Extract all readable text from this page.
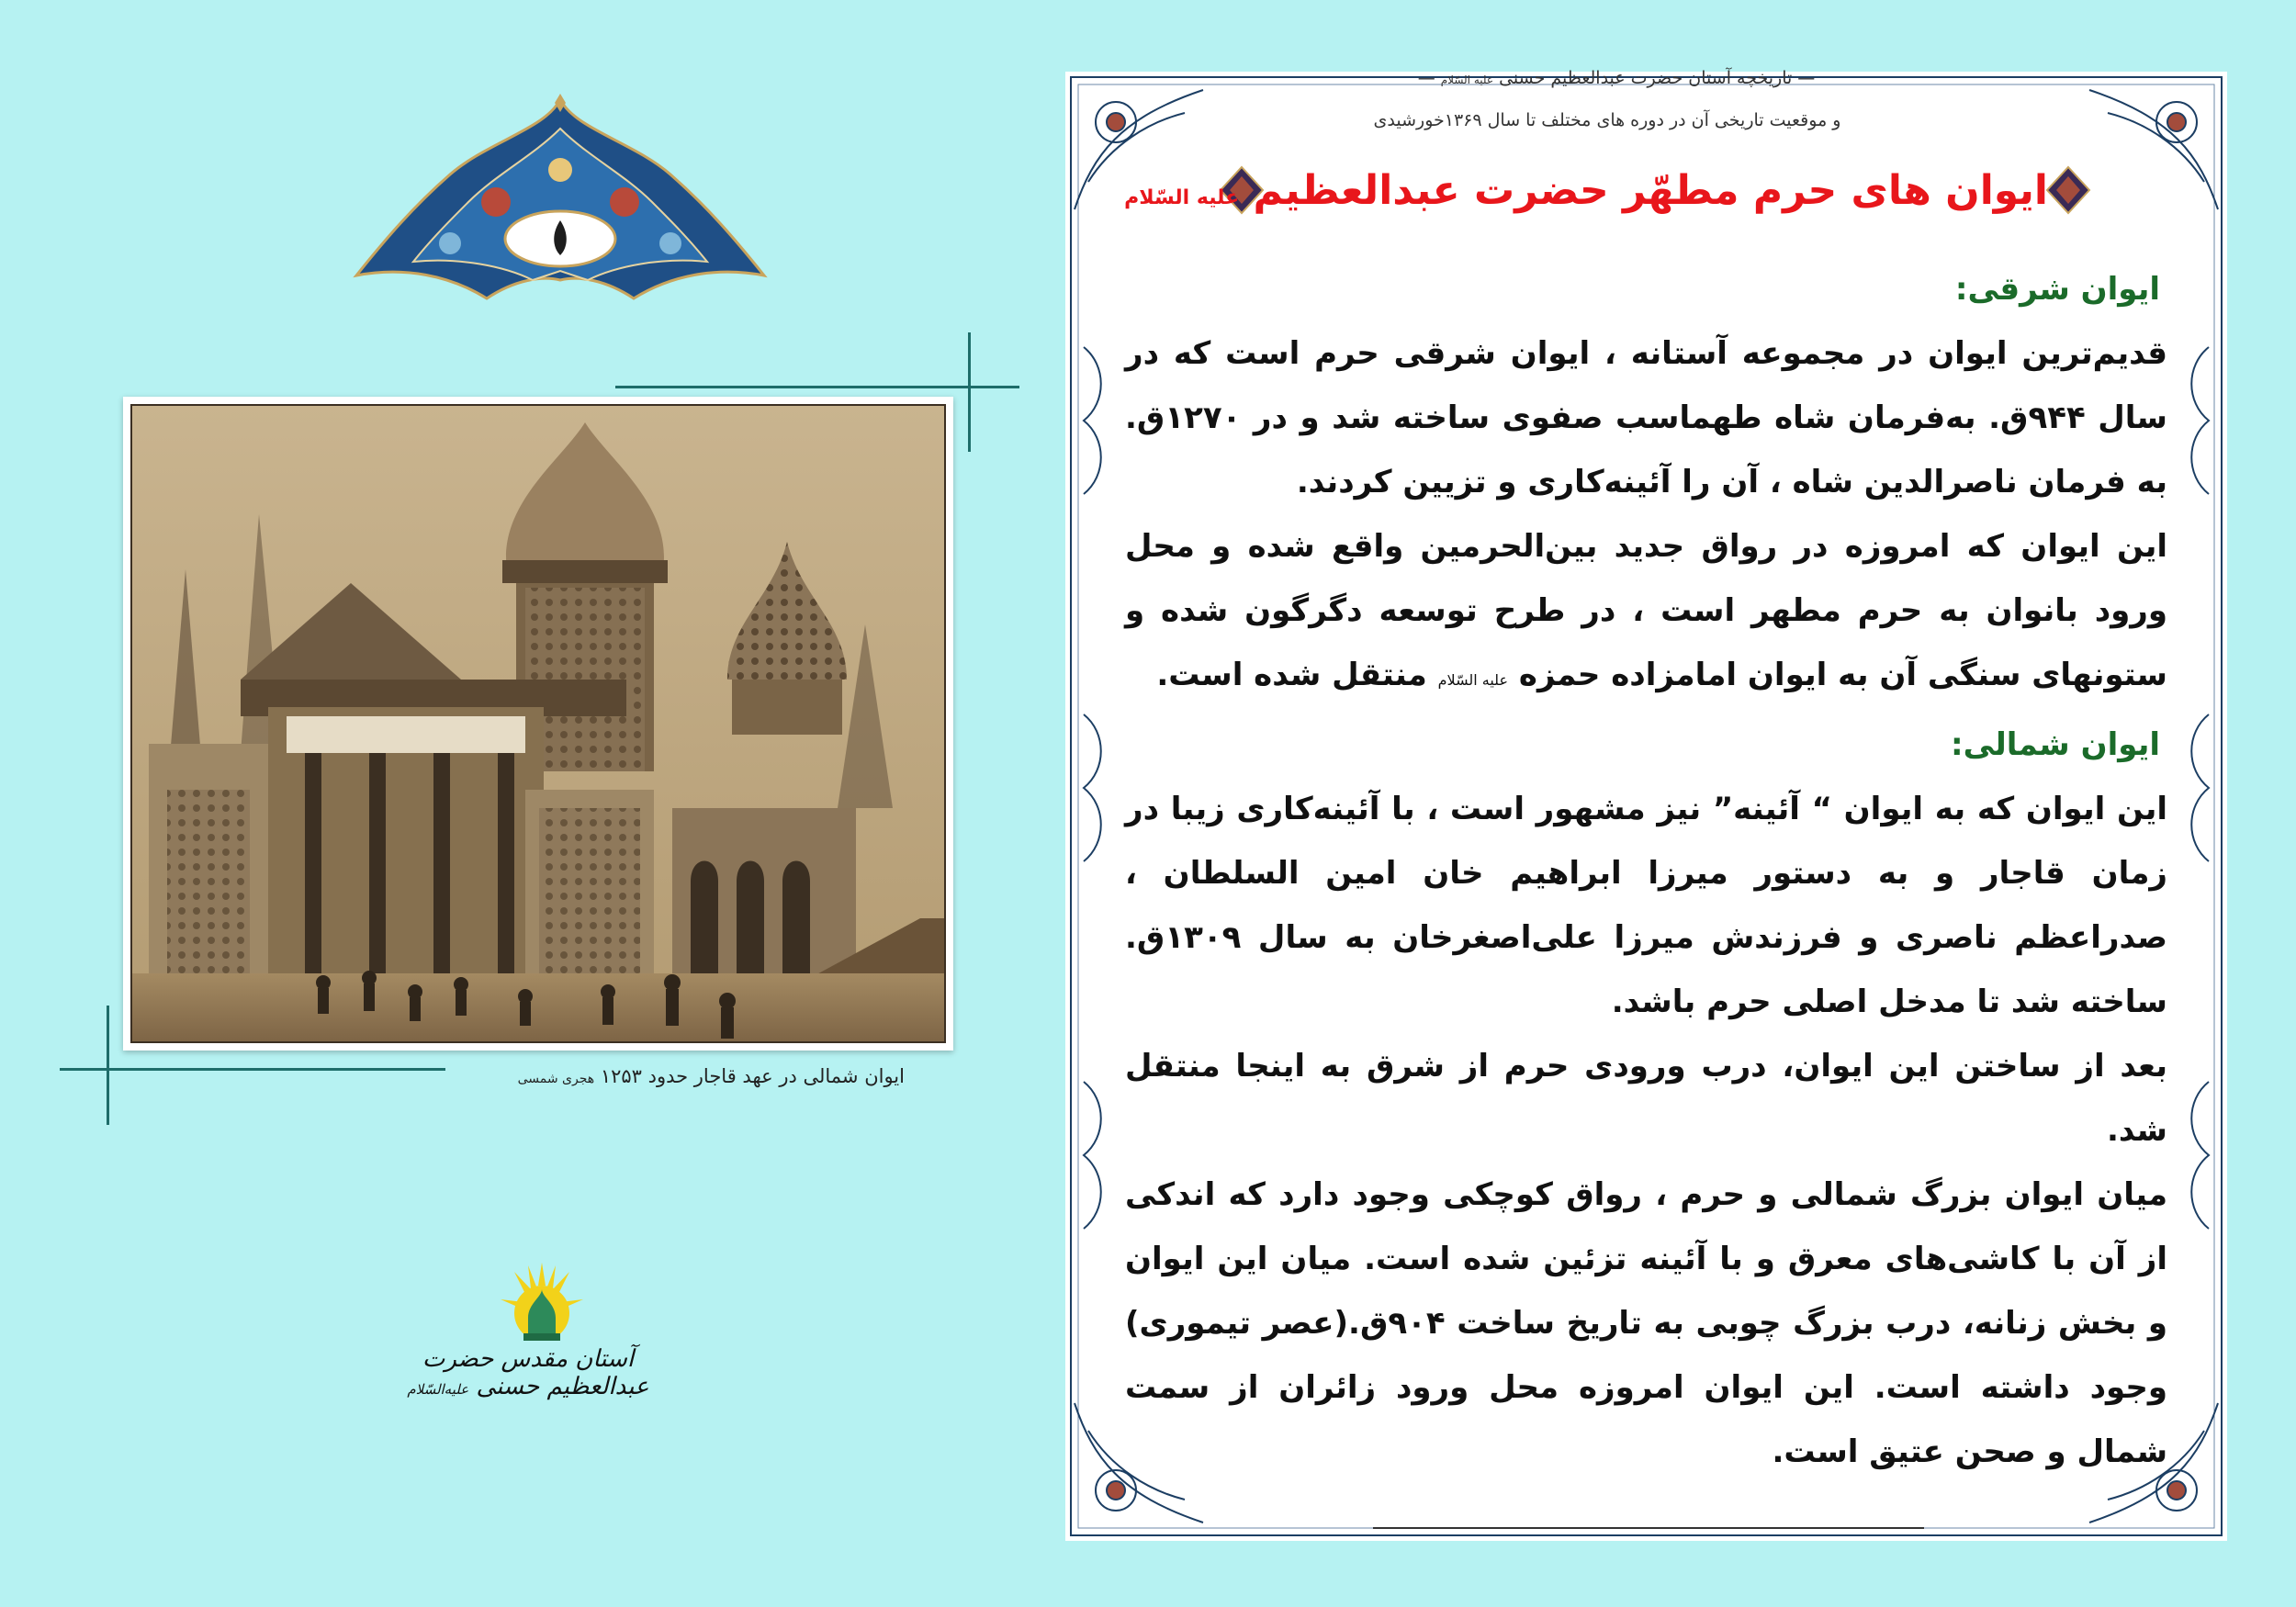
ایوان شمالی در عهد قاجار حدود ۱۲۵۳ هجری شمسی
آستان مقدس حضرت عبدالعظیم حسنی علیه‌السّلام
— تاریخچه آستان حضرت عبدالعظیم حسنی علیه السّلام —
و موقعیت تاریخی آن در دوره های مختلف تا سال ۱۳۶۹خورشیدی
ایوان های حرم مطهّر حضرت عبدالعظیم علیه السّلام

ایوان شرقی:

قدیم‌ترین ایوان در مجموعه آستانه ، ایوان شرقی حرم است که در سال ۹۴۴ق. به‌فرمان شاه طهماسب صفوی ساخته شد و در ۱۲۷۰ق. به فرمان ناصرالدین شاه ، آن را آئینه‌کاری و تزیین کردند.

این ایوان که امروزه در رواق جدید بین‌الحرمین واقع شده و محل ورود بانوان به حرم مطهر است ، در طرح توسعه دگرگون شده و ستونهای سنگی آن به ایوان امامزاده حمزه علیه السّلام منتقل شده است.

ایوان شمالی:

این ایوان که به ایوان “ آئینه” نیز مشهور است ، با آئینه‌کاری زیبا در زمان قاجار و به دستور میرزا ابراهیم خان امین السلطان ، صدراعظم ناصری و فرزندش میرزا علی‌اصغرخان به سال ۱۳۰۹ق. ساخته شد تا مدخل اصلی حرم باشد.

بعد از ساختن این ایوان، درب ورودی حرم از شرق به اینجا منتقل شد.

میان ایوان بزرگ شمالی و حرم ، رواق کوچکی وجود دارد که اندکی از آن با کاشی‌های معرق و با آئینه تزئین شده است. میان این ایوان و بخش زنانه، درب بزرگ چوبی به تاریخ ساخت ۹۰۴ق.(عصر تیموری) وجود داشته است. این ایوان امروزه محل ورود زائران از سمت شمال و صحن عتیق است.
